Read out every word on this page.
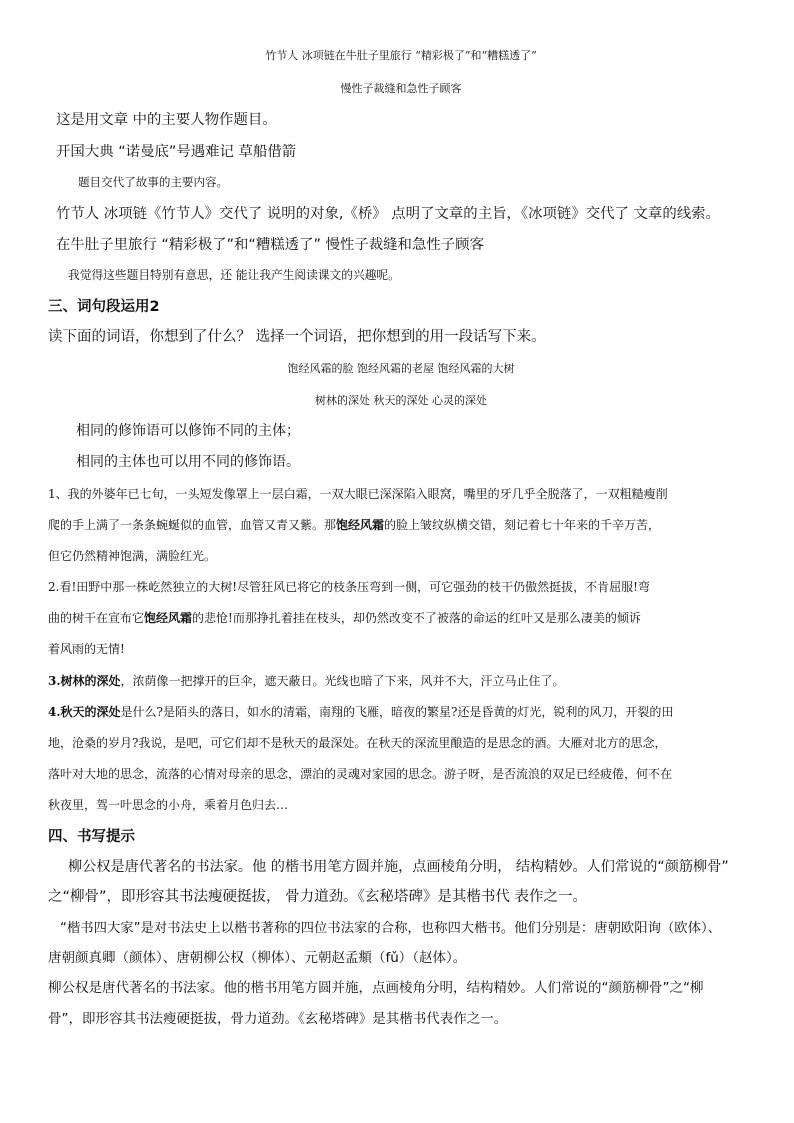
竹节人 冰项链在牛肚子里旅行 “精彩极了”和“糟糕透了”
慢性子裁缝和急性子顾客
这是用文章 中的主要人物作题目。
开国大典 “诺曼底”号遇难记 草船借箭
题目交代了故事的主要内容。
竹节人 冰项链《竹节人》交代了 说明的对象,《桥》 点明了文章的主旨，《冰项链》交代了 文章的线索。
在牛肚子里旅行 “精彩极了”和“糟糕透了” 慢性子裁缝和急性子顾客
我觉得这些题目特别有意思，还 能让我产生阅读课文的兴趣呢。
三、词句段运用2
读下面的词语，你想到了什么？ 选择一个词语，把你想到的用一段话写下来。
饱经风霜的脸 饱经风霜的老屋 饱经风霜的大树
树林的深处 秋天的深处 心灵的深处
相同的修饰语可以修饰不同的主体；
相同的主体也可以用不同的修饰语。
1、我的外婆年已七旬，一头短发像罩上一层白霜，一双大眼已深深陷入眼窝，嘴里的牙几乎全脱落了，一双粗糙瘦削
爬的手上满了一条条蜿蜒似的血管，血管又青又紫。那饱经风霜的脸上皱纹纵横交错，刻记着七十年来的千辛万苦，
但它仍然精神饱满，满脸红光。
2.看!田野中那一株屹然独立的大树!尽管狂风已将它的枝条压弯到一侧，可它强劲的枝干仍傲然挺拔，不肯屈服!弯
曲的树干在宣布它饱经风霜的悲怆!而那挣扎着挂在枝头，却仍然改变不了被落的命运的红叶又是那么凄美的倾诉
着风雨的无情!
3.树林的深处，浓荫像一把撑开的巨伞，遮天蔽日。光线也暗了下来，风并不大，汗立马止住了。
4.秋天的深处是什么?是陌头的落日，如水的清霜，南翔的飞雁，暗夜的繁星?还是昏黄的灯光，锐利的风刀，开裂的田
地，沧桑的岁月?我说，是吧，可它们却不是秋天的最深处。在秋天的深流里酿造的是思念的酒。大雁对北方的思念，
落叶对大地的思念，流落的心情对母亲的思念，漂泊的灵魂对家园的思念。游子呀，是否流浪的双足已经疲倦，何不在
秋夜里，驾一叶思念的小舟，乘着月色归去…
四、书写提示
柳公权是唐代著名的书法家。他 的楷书用笔方圆并施，点画棱角分明， 结构精妙。人们常说的“颜筋柳骨”
之“柳骨”，即形容其书法瘦硬挺拔， 骨力道劲。《玄秘塔碑》是其楷书代 表作之一。
“楷书四大家”是对书法史上以楷书著称的四位书法家的合称，也称四大楷书。他们分别是：唐朝欧阳询（欧体）、
唐朝颜真卿（颜体）、唐朝柳公权（柳体）、元朝赵孟頫（fǔ）（赵体）。
柳公权是唐代著名的书法家。他的楷书用笔方圆并施，点画棱角分明，结构精妙。人们常说的“颜筋柳骨”之“柳
骨”，即形容其书法瘦硬挺拔，骨力道劲。《玄秘塔碑》是其楷书代表作之一。
